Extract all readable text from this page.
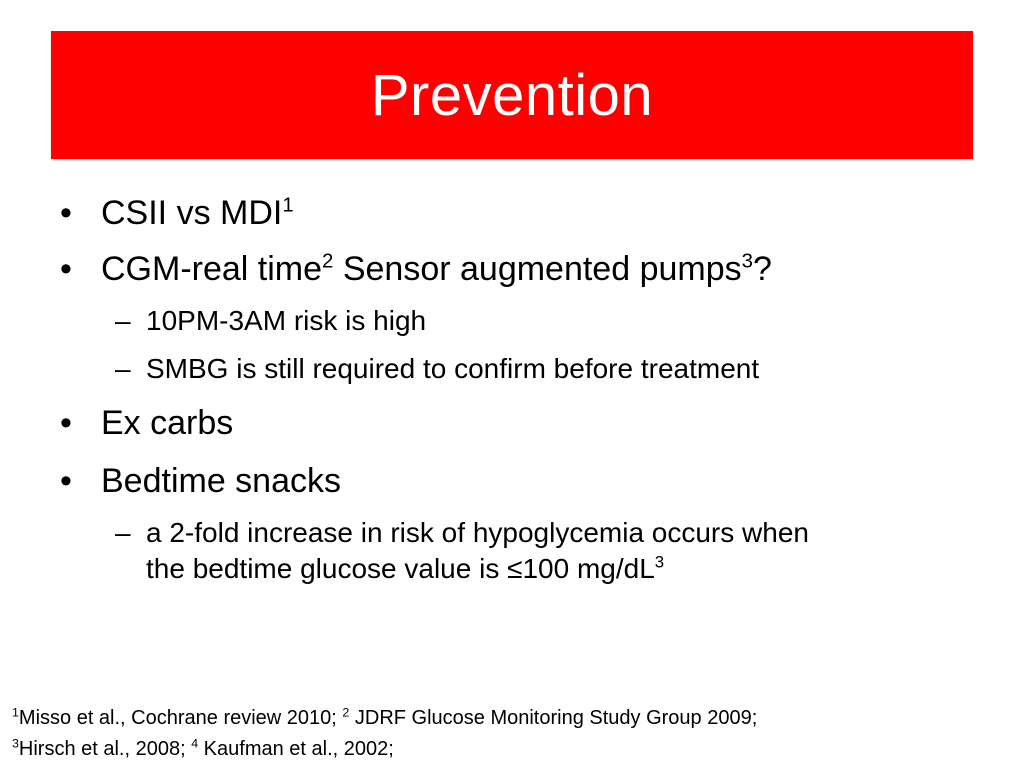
Prevention
• CSII vs MDI$^1$
• CGM-real time$^2$ Sensor augmented pumps$^3$?
– 10PM-3AM risk is high
– SMBG is still required to confirm before treatment
• Ex carbs
• Bedtime snacks
– a 2-fold increase in risk of hypoglycemia occurs when
the bedtime glucose value is ≤100 $mg/dL^3$
$^1$Misso et al., Cochrane review 2010; $^2$ JDRF Glucose Monitoring Study Group 2009;
$^3$Hirsch et al., 2008; $^4$ Kaufman et al., 2002;
